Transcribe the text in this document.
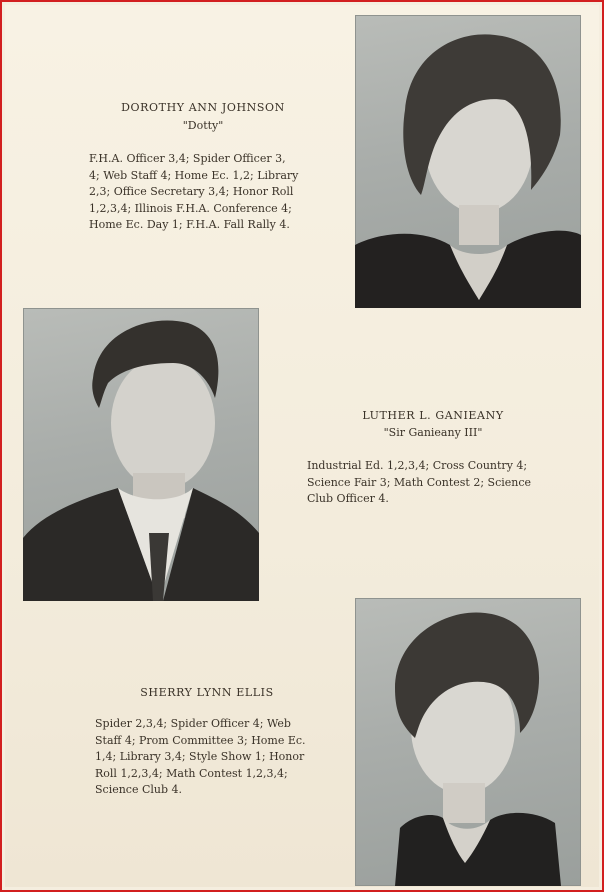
DOROTHY ANN JOHNSON
"Dotty"
F.H.A. Officer 3,4; Spider Officer 3,
4; Web Staff 4; Home Ec. 1,2; Library
2,3; Office Secretary 3,4; Honor Roll
1,2,3,4; Illinois F.H.A. Conference 4;
Home Ec. Day 1; F.H.A. Fall Rally 4.
LUTHER L. GANIEANY
"Sir Ganieany III"
Industrial Ed. 1,2,3,4; Cross Country 4;
Science Fair 3; Math Contest 2; Science
Club Officer 4.
SHERRY LYNN ELLIS
Spider 2,3,4; Spider Officer 4; Web
Staff 4; Prom Committee 3; Home Ec.
1,4; Library 3,4; Style Show 1; Honor
Roll 1,2,3,4; Math Contest 1,2,3,4;
Science Club 4.
